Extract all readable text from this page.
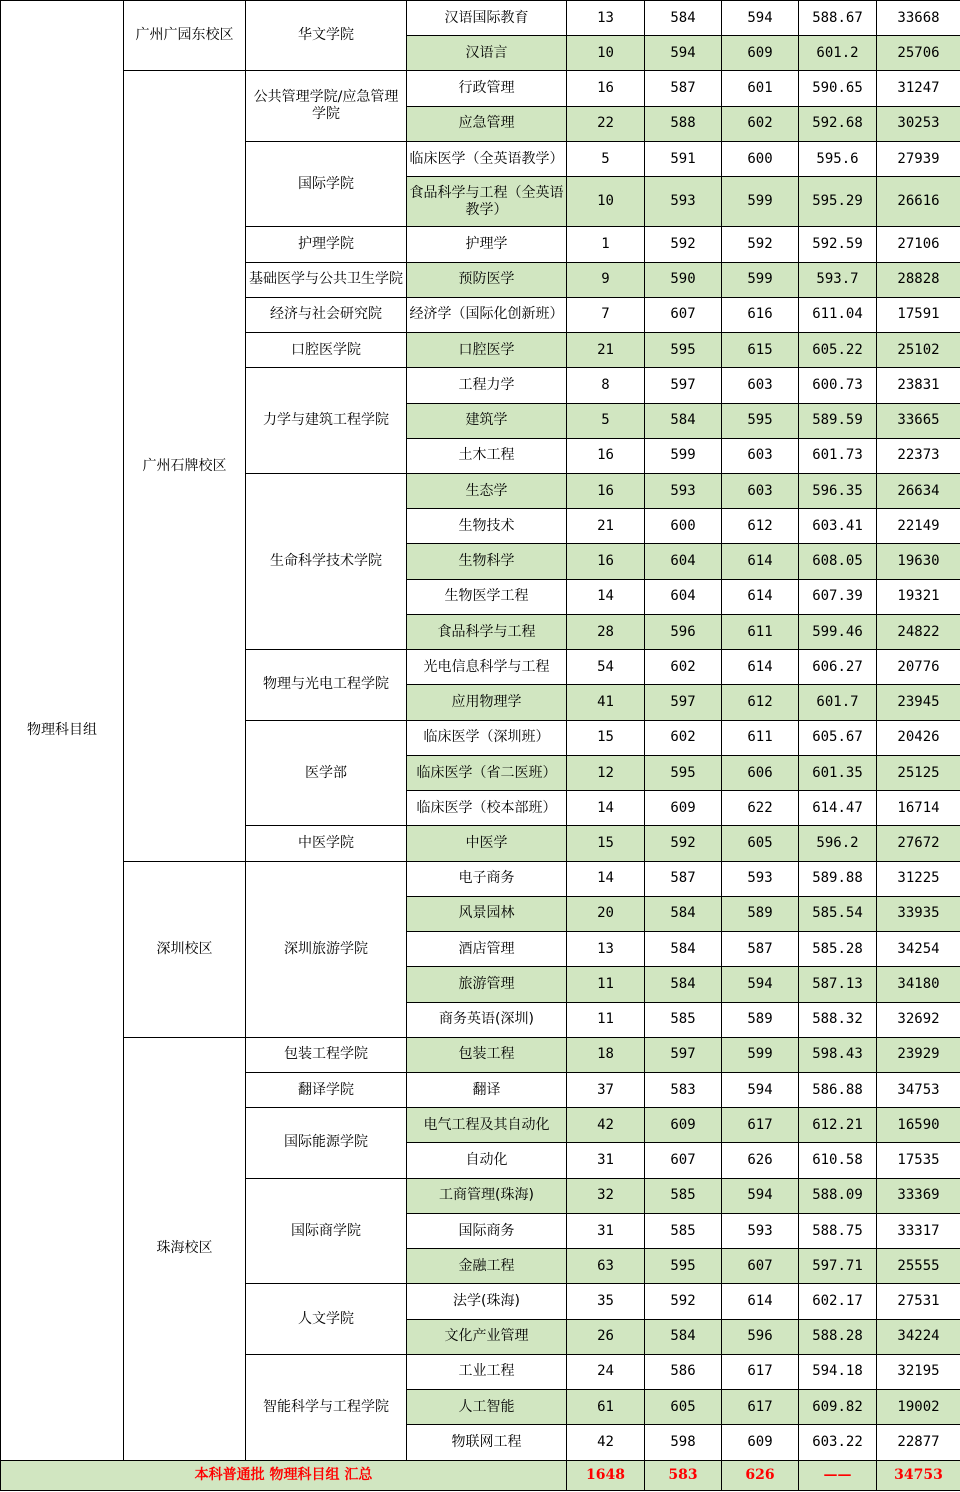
物理科目组	广州广园东校区	华文学院	汉语国际教育	13	584	594	588.67	33668
			汉语言	10	594	609	601.2	25706
	广州石牌校区	公共管理学院/应急管理学院	行政管理	16	587	601	590.65	31247
			应急管理	22	588	602	592.68	30253
		国际学院	临床医学（全英语教学）	5	591	600	595.6	27939
			食品科学与工程（全英语教学）	10	593	599	595.29	26616
		护理学院	护理学	1	592	592	592.59	27106
		基础医学与公共卫生学院	预防医学	9	590	599	593.7	28828
		经济与社会研究院	经济学（国际化创新班）	7	607	616	611.04	17591
		口腔医学院	口腔医学	21	595	615	605.22	25102
		力学与建筑工程学院	工程力学	8	597	603	600.73	23831
			建筑学	5	584	595	589.59	33665
			土木工程	16	599	603	601.73	22373
		生命科学技术学院	生态学	16	593	603	596.35	26634
			生物技术	21	600	612	603.41	22149
			生物科学	16	604	614	608.05	19630
			生物医学工程	14	604	614	607.39	19321
			食品科学与工程	28	596	611	599.46	24822
		物理与光电工程学院	光电信息科学与工程	54	602	614	606.27	20776
			应用物理学	41	597	612	601.7	23945
		医学部	临床医学（深圳班）	15	602	611	605.67	20426
			临床医学（省二医班）	12	595	606	601.35	25125
			临床医学（校本部班）	14	609	622	614.47	16714
		中医学院	中医学	15	592	605	596.2	27672
	深圳校区	深圳旅游学院	电子商务	14	587	593	589.88	31225
			风景园林	20	584	589	585.54	33935
			酒店管理	13	584	587	585.28	34254
			旅游管理	11	584	594	587.13	34180
			商务英语(深圳)	11	585	589	588.32	32692
	珠海校区	包装工程学院	包装工程	18	597	599	598.43	23929
		翻译学院	翻译	37	583	594	586.88	34753
		国际能源学院	电气工程及其自动化	42	609	617	612.21	16590
			自动化	31	607	626	610.58	17535
		国际商学院	工商管理(珠海)	32	585	594	588.09	33369
			国际商务	31	585	593	588.75	33317
			金融工程	63	595	607	597.71	25555
		人文学院	法学(珠海)	35	592	614	602.17	27531
			文化产业管理	26	584	596	588.28	34224
		智能科学与工程学院	工业工程	24	586	617	594.18	32195
			人工智能	61	605	617	609.82	19002
			物联网工程	42	598	609	603.22	22877
本科普通批 物理科目组 汇总				1648	583	626	——	34753
